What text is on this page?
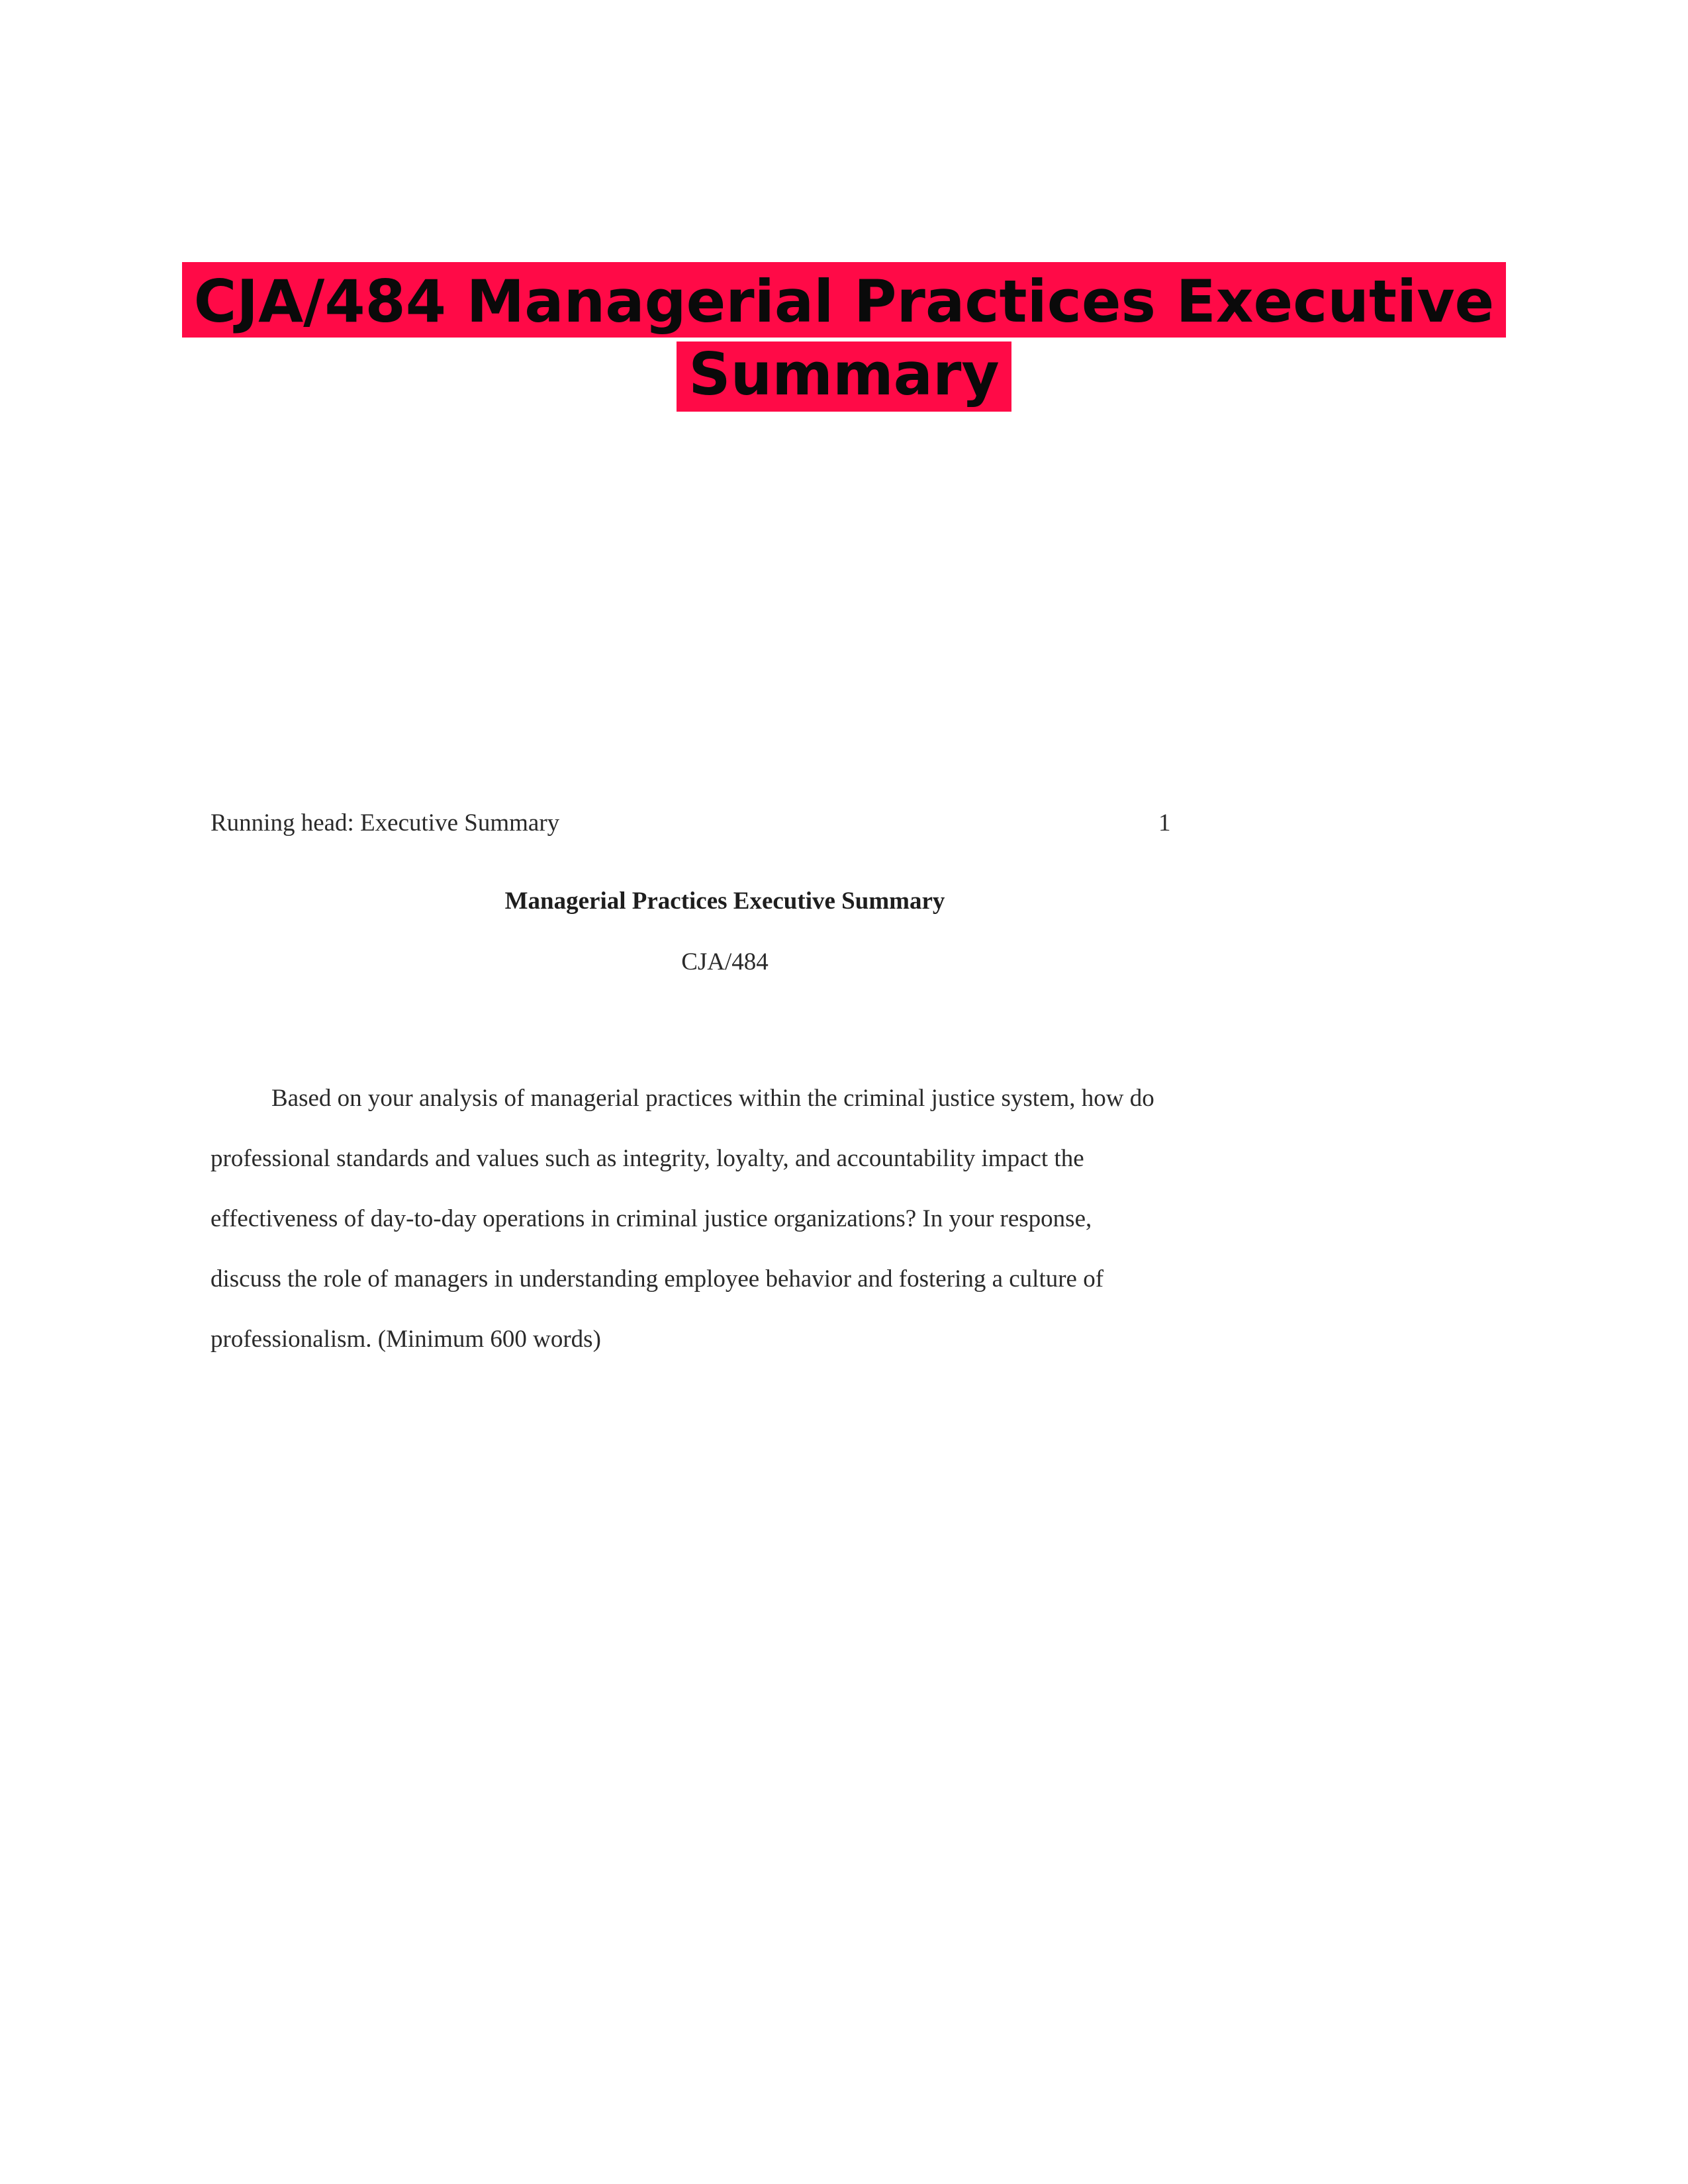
CJA/484 Managerial Practices Executive
Summary
Running head: Executive Summary	1
Managerial Practices Executive Summary
CJA/484
Based on your analysis of managerial practices within the criminal justice system, how do
professional standards and values such as integrity, loyalty, and accountability impact the
effectiveness of day-to-day operations in criminal justice organizations? In your response,
discuss the role of managers in understanding employee behavior and fostering a culture of
professionalism. (Minimum 600 words)
